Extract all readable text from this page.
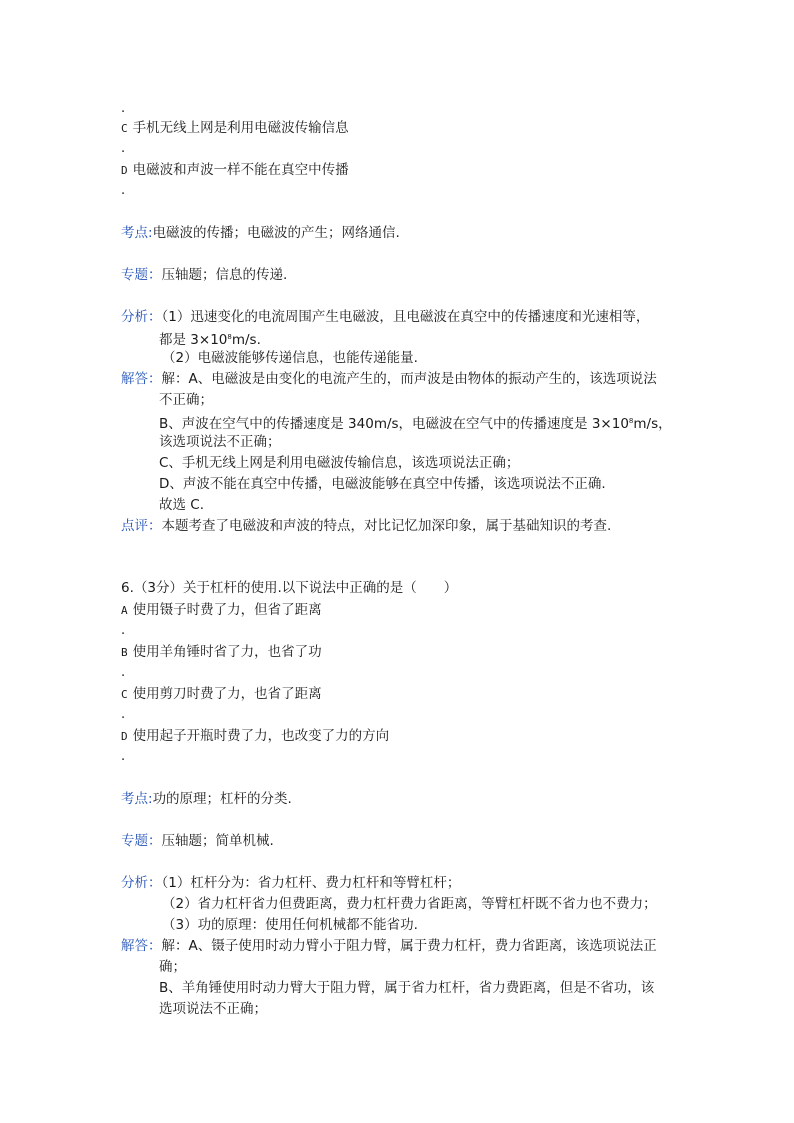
.
C 手机无线上网是利用电磁波传输信息
.
D 电磁波和声波一样不能在真空中传播
.
考点:电磁波的传播；电磁波的产生；网络通信.
专题：压轴题；信息的传递.
分析：（1）迅速变化的电流周围产生电磁波，且电磁波在真空中的传播速度和光速相等，
都是 $3\times 10^8m/s$.
（2）电磁波能够传递信息，也能传递能量.
解答：解：A、电磁波是由变化的电流产生的，而声波是由物体的振动产生的，该选项说法
不正确；
B、声波在空气中的传播速度是 340m/s，电磁波在空气中的传播速度是 $3\times 10^8m/s$，
该选项说法不正确；
C、手机无线上网是利用电磁波传输信息，该选项说法正确；
D、声波不能在真空中传播，电磁波能够在真空中传播，该选项说法不正确.
故选 C.
点评：本题考查了电磁波和声波的特点，对比记忆加深印象，属于基础知识的考查.
6.（3分）关于杠杆的使用.以下说法中正确的是（　　）
A 使用镊子时费了力，但省了距离
.
B 使用羊角锤时省了力，也省了功
.
C 使用剪刀时费了力，也省了距离
.
D 使用起子开瓶时费了力，也改变了力的方向
.
考点:功的原理；杠杆的分类.
专题：压轴题；简单机械.
分析：（1）杠杆分为：省力杠杆、费力杠杆和等臂杠杆；
（2）省力杠杆省力但费距离，费力杠杆费力省距离，等臂杠杆既不省力也不费力；
（3）功的原理：使用任何机械都不能省功.
解答：解：A、镊子使用时动力臂小于阻力臂，属于费力杠杆，费力省距离，该选项说法正
确；
B、羊角锤使用时动力臂大于阻力臂，属于省力杠杆，省力费距离，但是不省功，该
选项说法不正确；
